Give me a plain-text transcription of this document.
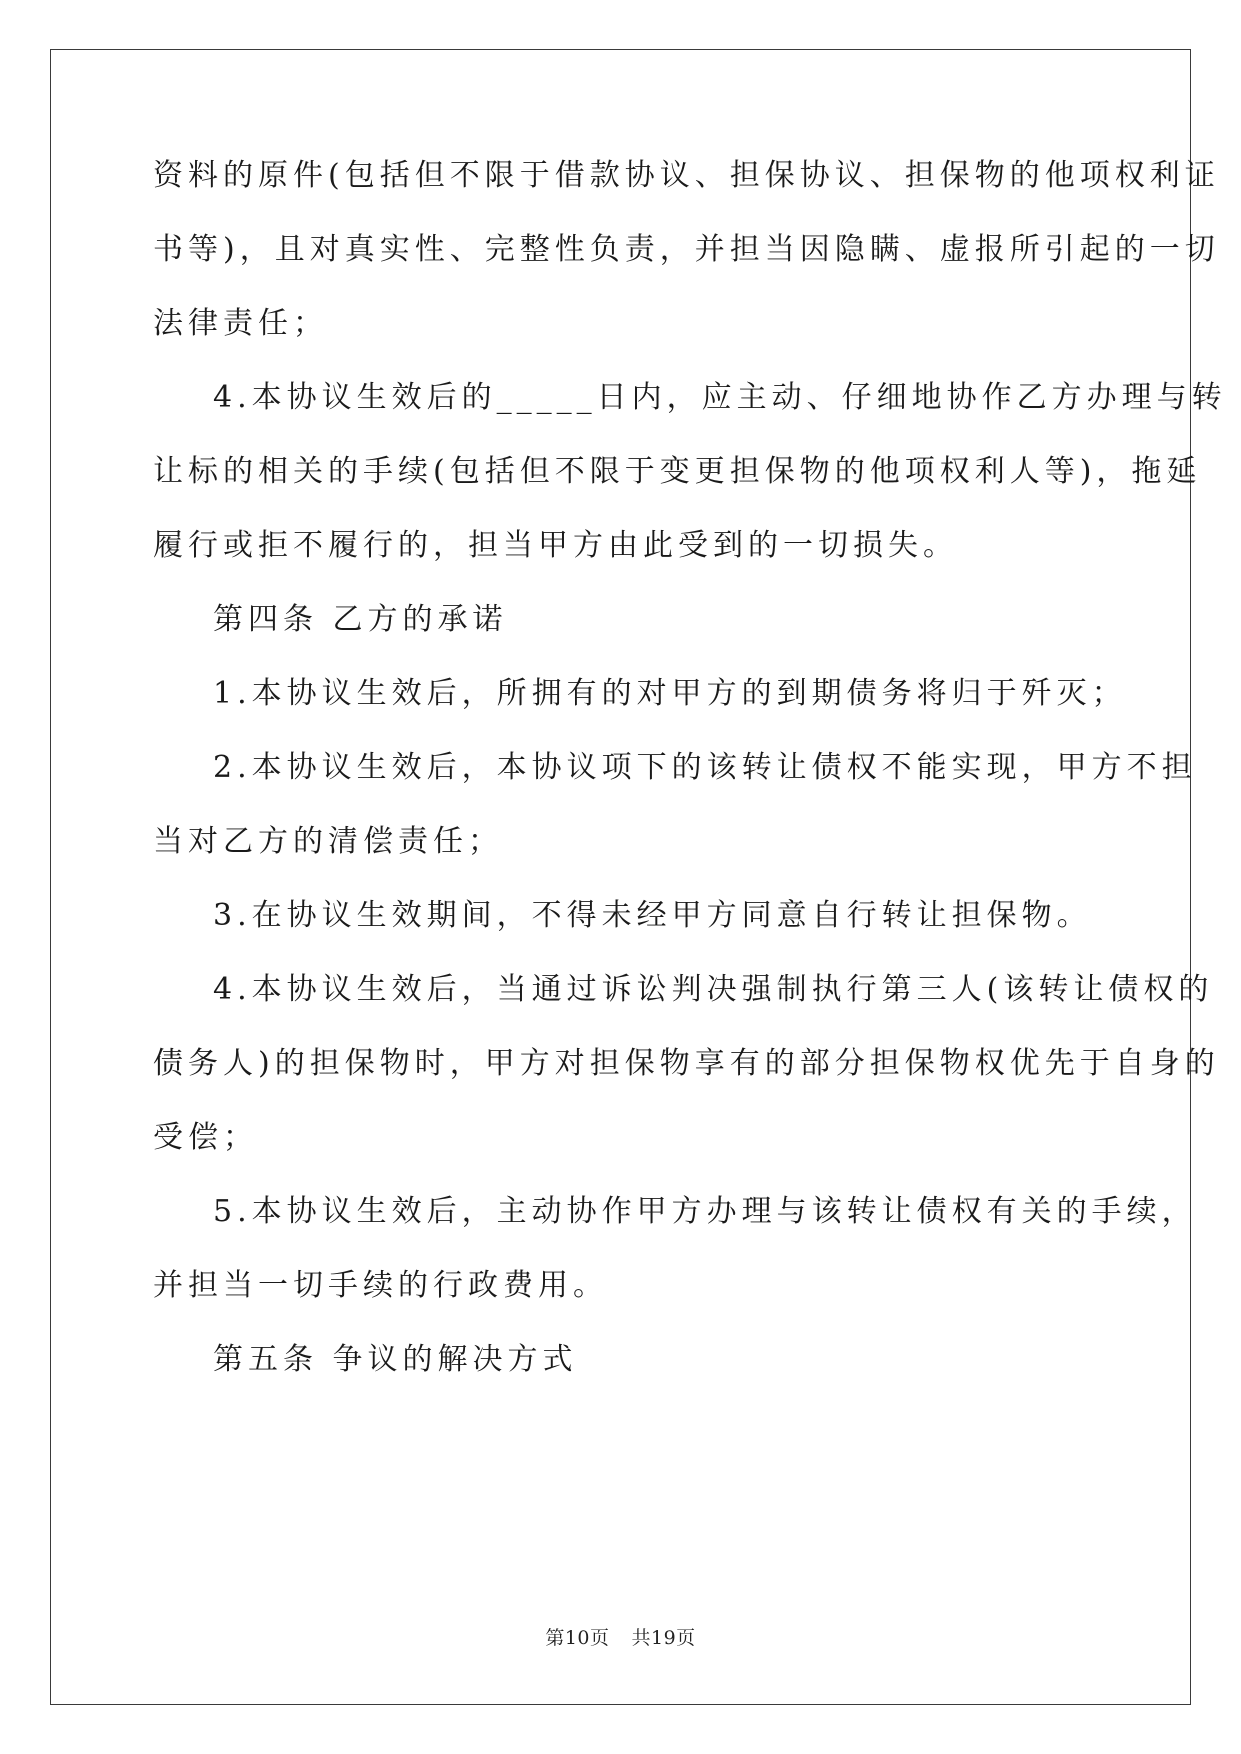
资料的原件(包括但不限于借款协议、担保协议、担保物的他项权利证
书等)，且对真实性、完整性负责，并担当因隐瞒、虚报所引起的一切
法律责任；
4.本协议生效后的_____日内，应主动、仔细地协作乙方办理与转
让标的相关的手续(包括但不限于变更担保物的他项权利人等)，拖延
履行或拒不履行的，担当甲方由此受到的一切损失。
第四条 乙方的承诺
1.本协议生效后，所拥有的对甲方的到期债务将归于歼灭；
2.本协议生效后，本协议项下的该转让债权不能实现，甲方不担
当对乙方的清偿责任；
3.在协议生效期间，不得未经甲方同意自行转让担保物。
4.本协议生效后，当通过诉讼判决强制执行第三人(该转让债权的
债务人)的担保物时，甲方对担保物享有的部分担保物权优先于自身的
受偿；
5.本协议生效后，主动协作甲方办理与该转让债权有关的手续，
并担当一切手续的行政费用。
第五条 争议的解决方式
第10页 共19页
